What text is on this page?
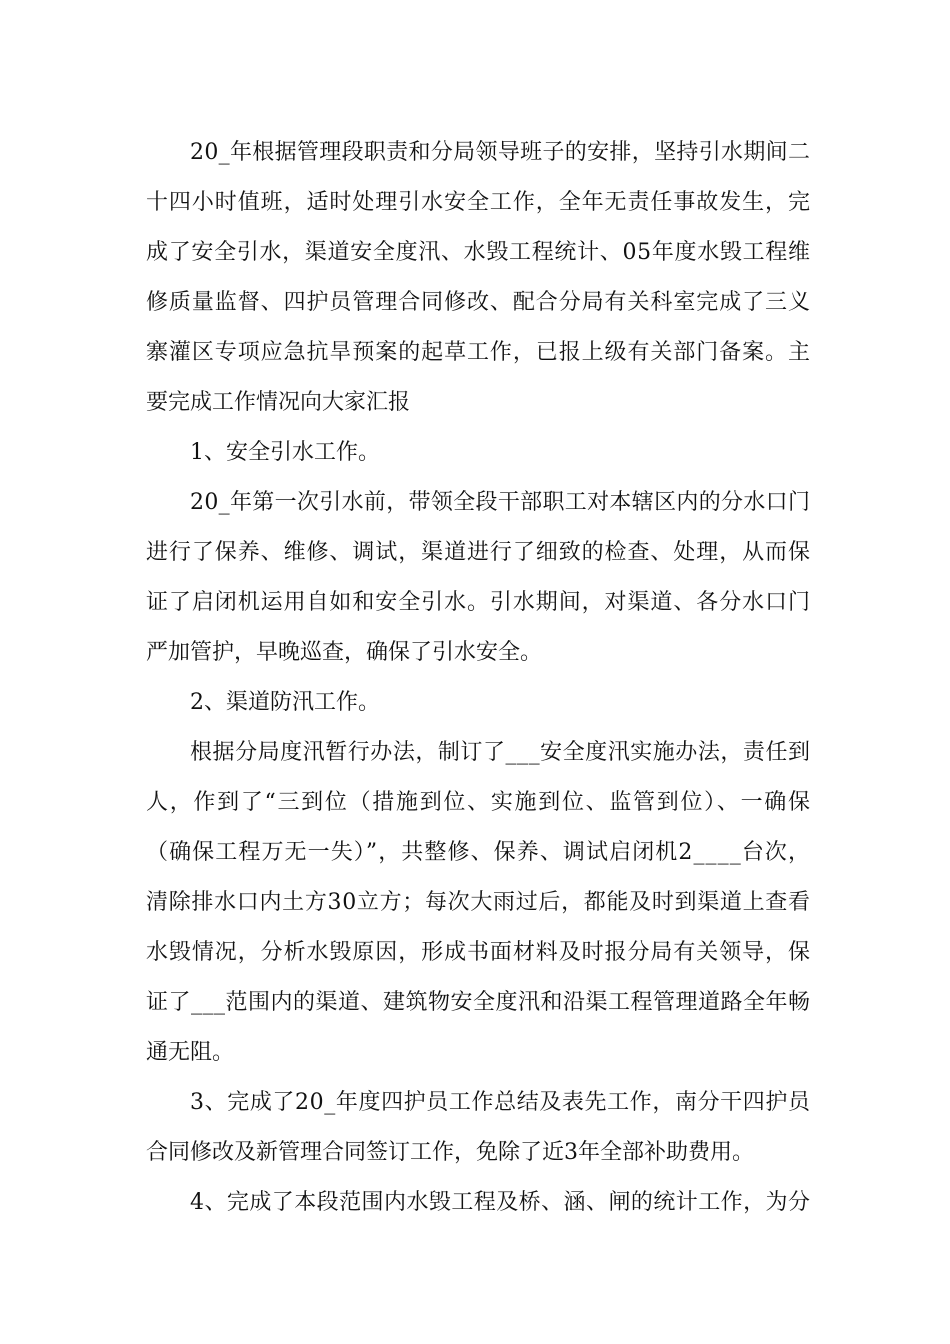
20_年根据管理段职责和分局领导班子的安排，坚持引水期间二
十四小时值班，适时处理引水安全工作，全年无责任事故发生，完
成了安全引水，渠道安全度汛、水毁工程统计、05年度水毁工程维
修质量监督、四护员管理合同修改、配合分局有关科室完成了三义
寨灌区专项应急抗旱预案的起草工作，已报上级有关部门备案。主
要完成工作情况向大家汇报
1、安全引水工作。
20_年第一次引水前，带领全段干部职工对本辖区内的分水口门
进行了保养、维修、调试，渠道进行了细致的检查、处理，从而保
证了启闭机运用自如和安全引水。引水期间，对渠道、各分水口门
严加管护，早晚巡查，确保了引水安全。
2、渠道防汛工作。
根据分局度汛暂行办法，制订了___安全度汛实施办法，责任到
人，作到了“三到位（措施到位、实施到位、监管到位）、一确保
（确保工程万无一失）”，共整修、保养、调试启闭机2____台次，
清除排水口内土方30立方；每次大雨过后，都能及时到渠道上查看
水毁情况，分析水毁原因，形成书面材料及时报分局有关领导，保
证了___范围内的渠道、建筑物安全度汛和沿渠工程管理道路全年畅
通无阻。
3、完成了20_年度四护员工作总结及表先工作，南分干四护员
合同修改及新管理合同签订工作，免除了近3年全部补助费用。
4、完成了本段范围内水毁工程及桥、涵、闸的统计工作，为分
